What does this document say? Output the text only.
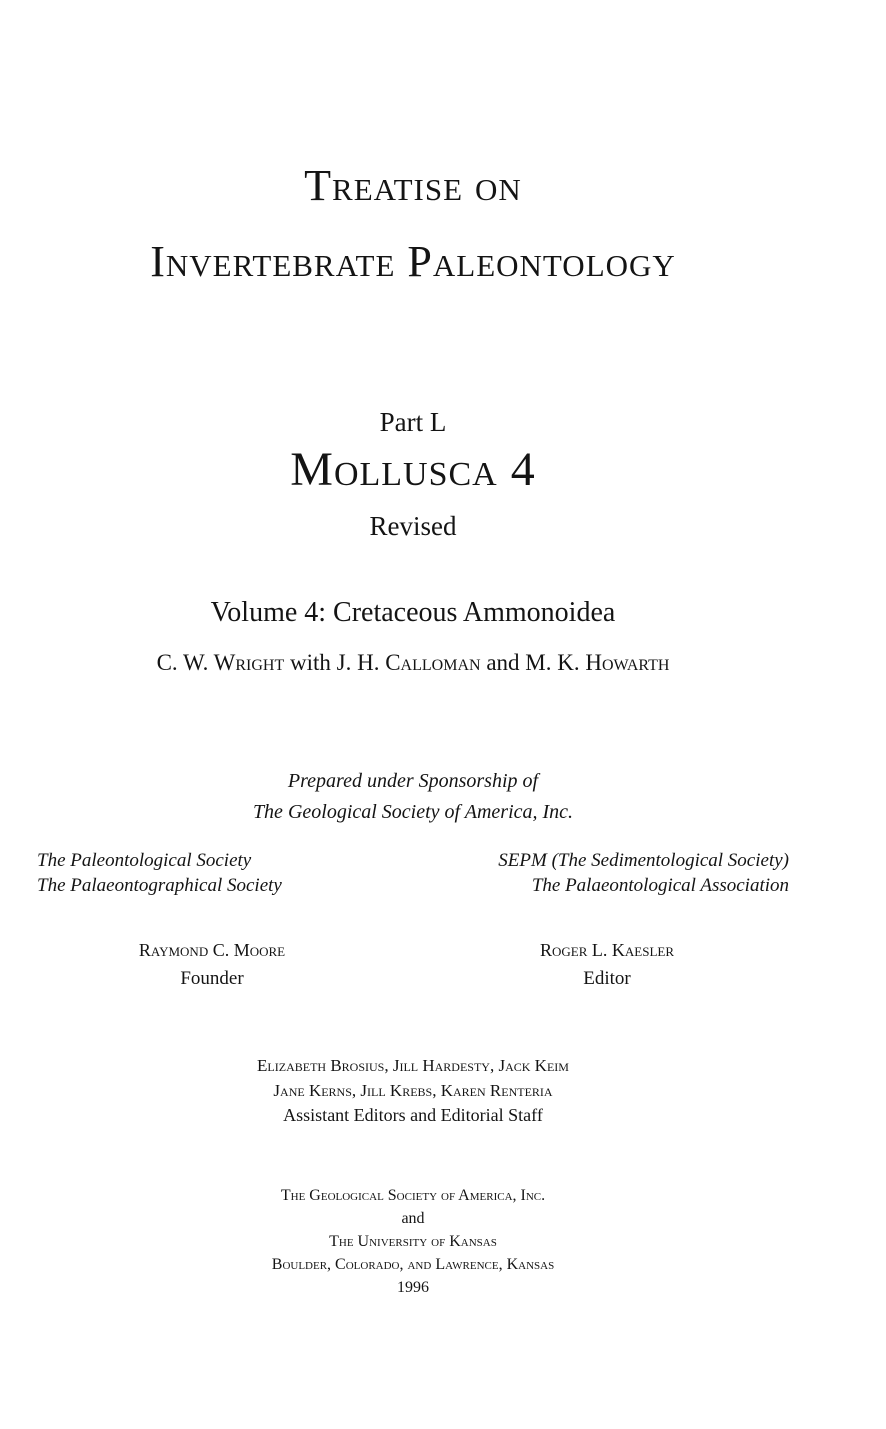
Treatise on
Invertebrate Paleontology
Part L
Mollusca 4
Revised
Volume 4: Cretaceous Ammonoidea
C. W. Wright with J. H. Calloman and M. K. Howarth
Prepared under Sponsorship of
The Geological Society of America, Inc.
The Paleontological Society
The Palaeontographical Society
SEPM (The Sedimentological Society)
The Palaeontological Association
Raymond C. Moore
Founder
Roger L. Kaesler
Editor
Elizabeth Brosius, Jill Hardesty, Jack Keim
Jane Kerns, Jill Krebs, Karen Renteria
Assistant Editors and Editorial Staff
The Geological Society of America, Inc.
and
The University of Kansas
Boulder, Colorado, and Lawrence, Kansas
1996
